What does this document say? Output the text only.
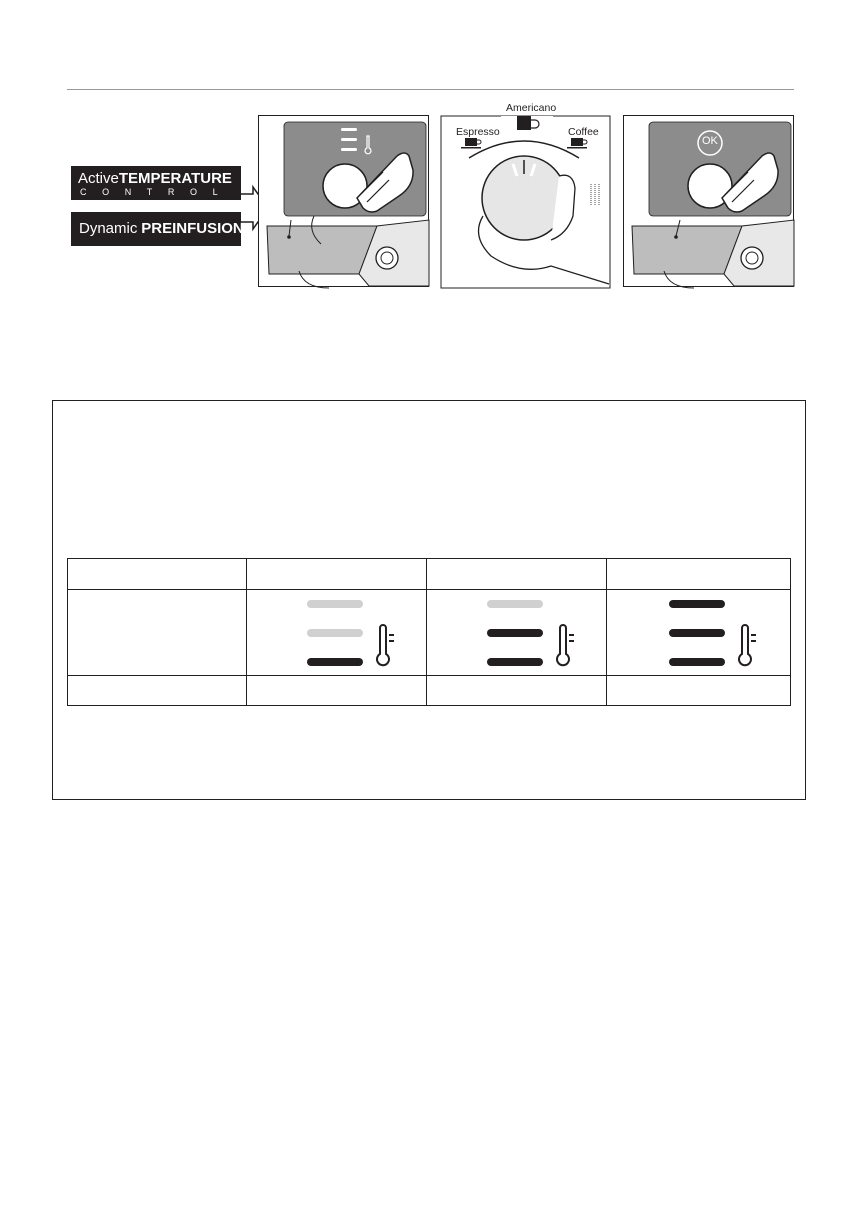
ActiveTEMPERATURE
CONTROL
Dynamic PREINFUSION
Americano
Espresso	Coffee
OK
